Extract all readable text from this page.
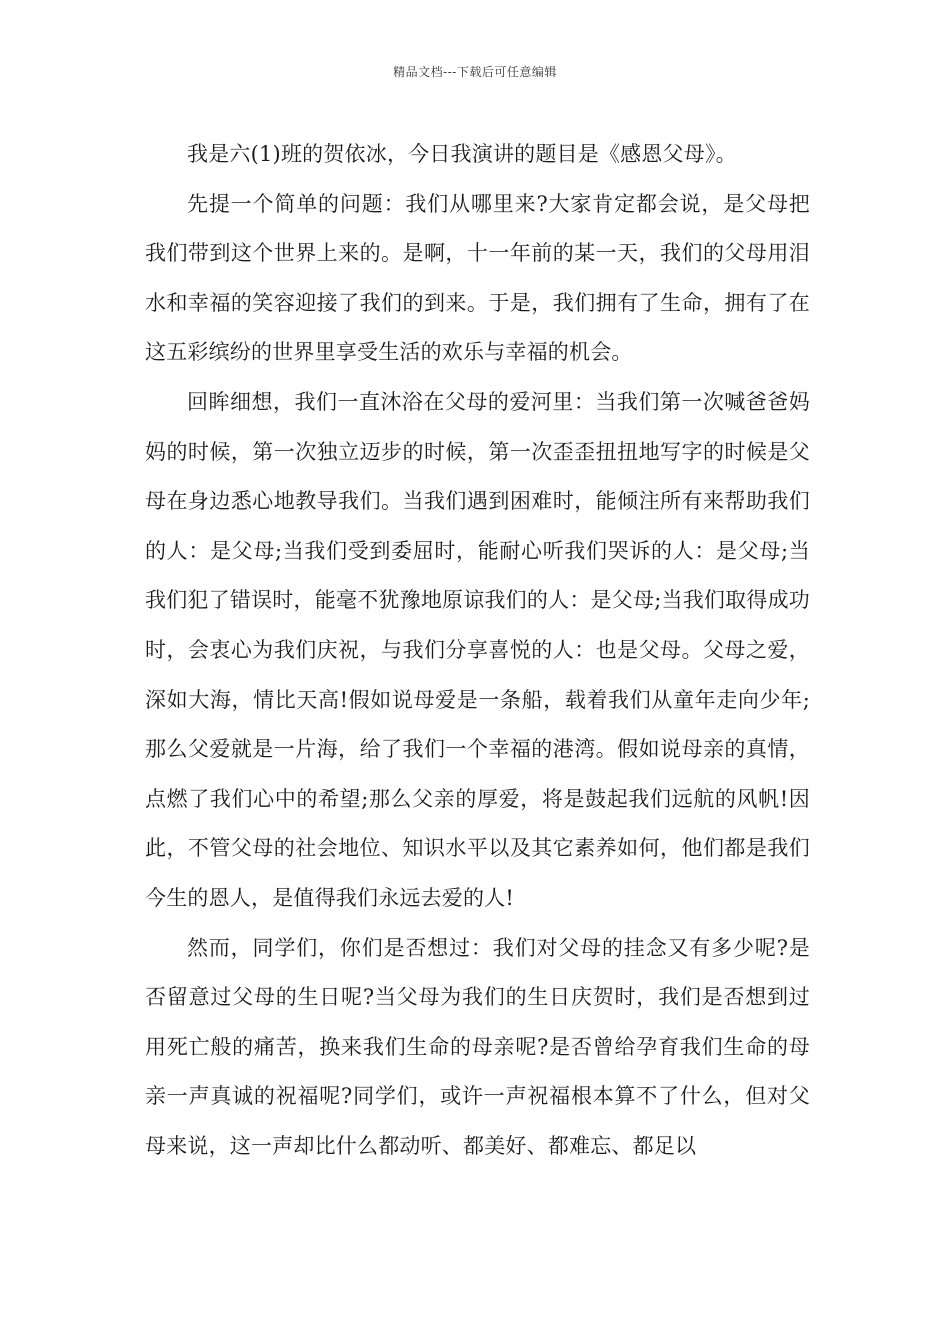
精品文档---下载后可任意编辑

我是六(1)班的贺依冰，今日我演讲的题目是《感恩父母》。

先提一个简单的问题：我们从哪里来?大家肯定都会说，是父母把我们带到这个世界上来的。是啊，十一年前的某一天，我们的父母用泪水和幸福的笑容迎接了我们的到来。于是，我们拥有了生命，拥有了在这五彩缤纷的世界里享受生活的欢乐与幸福的机会。

回眸细想，我们一直沐浴在父母的爱河里：当我们第一次喊爸爸妈妈的时候，第一次独立迈步的时候，第一次歪歪扭扭地写字的时候是父母在身边悉心地教导我们。当我们遇到困难时，能倾注所有来帮助我们的人：是父母;当我们受到委屈时，能耐心听我们哭诉的人：是父母;当我们犯了错误时，能毫不犹豫地原谅我们的人：是父母;当我们取得成功时，会衷心为我们庆祝，与我们分享喜悦的人：也是父母。父母之爱，深如大海，情比天高!假如说母爱是一条船，载着我们从童年走向少年;那么父爱就是一片海，给了我们一个幸福的港湾。假如说母亲的真情，点燃了我们心中的希望;那么父亲的厚爱，将是鼓起我们远航的风帆!因此，不管父母的社会地位、知识水平以及其它素养如何，他们都是我们今生的恩人，是值得我们永远去爱的人!

然而，同学们，你们是否想过：我们对父母的挂念又有多少呢?是否留意过父母的生日呢?当父母为我们的生日庆贺时，我们是否想到过用死亡般的痛苦，换来我们生命的母亲呢?是否曾给孕育我们生命的母亲一声真诚的祝福呢?同学们，或许一声祝福根本算不了什么，但对父母来说，这一声却比什么都动听、都美好、都难忘、都足以
